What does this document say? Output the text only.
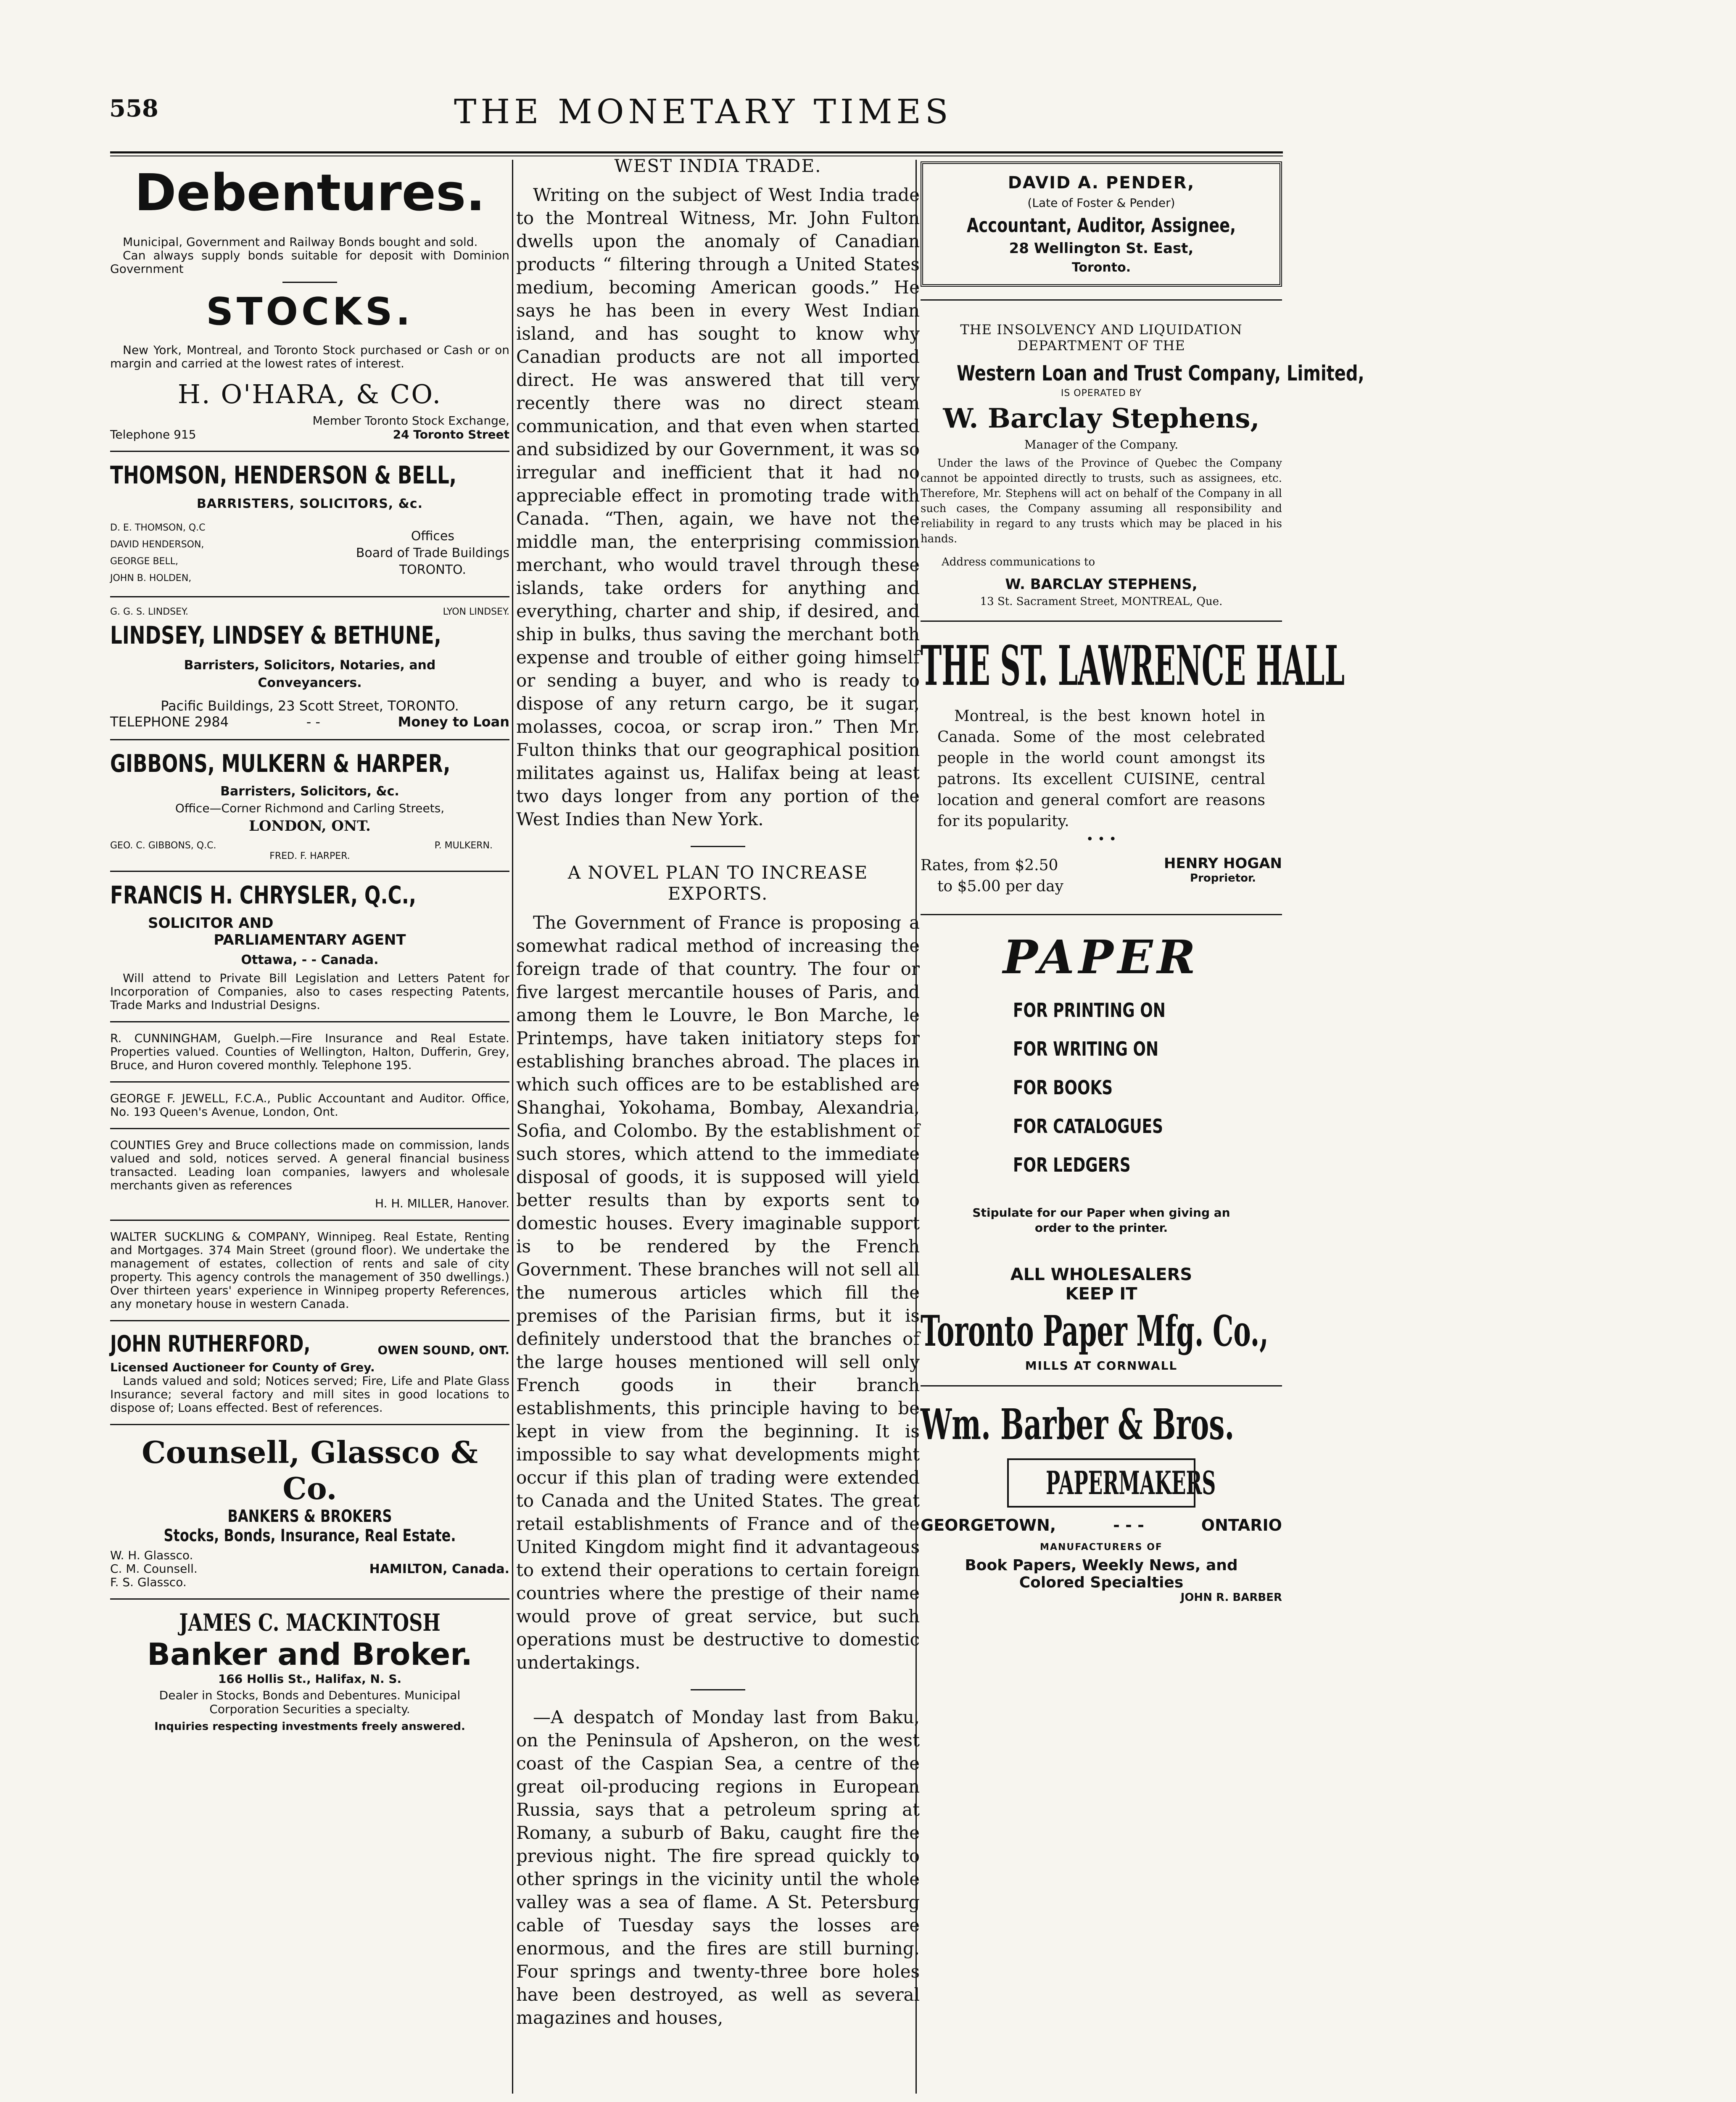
558	THE MONETARY TIMES
Debentures.
Municipal, Government and Railway Bonds bought and sold.
Can always supply bonds suitable for deposit with Dominion Government
STOCKS.
New York, Montreal, and Toronto Stock purchased or Cash or on margin and carried at the lowest rates of interest.
H. O'HARA, & CO.
Member Toronto Stock Exchange,
Telephone 915	24 Toronto Street
THOMSON, HENDERSON & BELL,
BARRISTERS, SOLICITORS, &c.
D. E. THOMSON, Q.C
DAVID HENDERSON,
GEORGE BELL,
JOHN B. HOLDEN,
Offices
Board of Trade Buildings
TORONTO.
G. G. S. LINDSEY.	LYON LINDSEY.
LINDSEY, LINDSEY & BETHUNE,
Barristers, Solicitors, Notaries, and Conveyancers.
Pacific Buildings, 23 Scott Street, TORONTO.
TELEPHONE 2984	- -	Money to Loan
GIBBONS, MULKERN & HARPER,
Barristers, Solicitors, &c.
Office—Corner Richmond and Carling Streets,
LONDON, ONT.
GEO. C. GIBBONS, Q.C.	P. MULKERN.
FRED. F. HARPER.
FRANCIS H. CHRYSLER, Q.C.,
SOLICITOR AND
PARLIAMENTARY AGENT
Ottawa, - - Canada.
Will attend to Private Bill Legislation and Letters Patent for Incorporation of Companies, also to cases respecting Patents, Trade Marks and Industrial Designs.
R. CUNNINGHAM, Guelph.—Fire Insurance and Real Estate. Properties valued. Counties of Wellington, Halton, Dufferin, Grey, Bruce, and Huron covered monthly. Telephone 195.
GEORGE F. JEWELL, F.C.A., Public Accountant and Auditor. Office, No. 193 Queen's Avenue, London, Ont.
COUNTIES Grey and Bruce collections made on commission, lands valued and sold, notices served. A general financial business transacted. Leading loan companies, lawyers and wholesale merchants given as references
H. H. MILLER, Hanover.
WALTER SUCKLING & COMPANY, Winnipeg. Real Estate, Renting and Mortgages. 374 Main Street (ground floor). We undertake the management of estates, collection of rents and sale of city property. This agency controls the management of 350 dwellings.) Over thirteen years' experience in Winnipeg property References, any monetary house in western Canada.
JOHN RUTHERFORD,	OWEN SOUND, ONT.
Licensed Auctioneer for County of Grey.
Lands valued and sold; Notices served; Fire, Life and Plate Glass Insurance; several factory and mill sites in good locations to dispose of; Loans effected. Best of references.
Counsell, Glassco & Co.
BANKERS & BROKERS
Stocks, Bonds, Insurance, Real Estate.
W. H. Glassco.
C. M. Counsell.
F. S. Glassco.
HAMILTON, Canada.
JAMES C. MACKINTOSH
Banker and Broker.
166 Hollis St., Halifax, N. S.
Dealer in Stocks, Bonds and Debentures. Municipal
Corporation Securities a specialty.
Inquiries respecting investments freely answered.
WEST INDIA TRADE.

Writing on the subject of West India trade to the Montreal Witness, Mr. John Fulton dwells upon the anomaly of Canadian products “ filtering through a United States medium, becoming American goods.” He says he has been in every West Indian island, and has sought to know why Canadian products are not all imported direct. He was answered that till very recently there was no direct steam communication, and that even when started and subsidized by our Government, it was so irregular and inefficient that it had no appreciable effect in promoting trade with Canada. “Then, again, we have not the middle man, the enterprising commission merchant, who would travel through these islands, take orders for anything and everything, charter and ship, if desired, and ship in bulks, thus saving the merchant both expense and trouble of either going himself or sending a buyer, and who is ready to dispose of any return cargo, be it sugar, molasses, cocoa, or scrap iron.” Then Mr. Fulton thinks that our geographical position militates against us, Halifax being at least two days longer from any portion of the West Indies than New York.

A NOVEL PLAN TO INCREASE EXPORTS.

The Government of France is proposing a somewhat radical method of increasing the foreign trade of that country. The four or five largest mercantile houses of Paris, and among them le Louvre, le Bon Marche, le Printemps, have taken initiatory steps for establishing branches abroad. The places in which such offices are to be established are Shanghai, Yokohama, Bombay, Alexandria, Sofia, and Colombo. By the establishment of such stores, which attend to the immediate disposal of goods, it is supposed will yield better results than by exports sent to domestic houses. Every imaginable support is to be rendered by the French Government. These branches will not sell all the numerous articles which fill the premises of the Parisian firms, but it is definitely understood that the branches of the large houses mentioned will sell only French goods in their branch establishments, this principle having to be kept in view from the beginning. It is impossible to say what developments might occur if this plan of trading were extended to Canada and the United States. The great retail establishments of France and of the United Kingdom might find it advantageous to extend their operations to certain foreign countries where the prestige of their name would prove of great service, but such operations must be destructive to domestic undertakings.

—A despatch of Monday last from Baku, on the Peninsula of Apsheron, on the west coast of the Caspian Sea, a centre of the great oil-producing regions in European Russia, says that a petroleum spring at Romany, a suburb of Baku, caught fire the previous night. The fire spread quickly to other springs in the vicinity until the whole valley was a sea of flame. A St. Petersburg cable of Tuesday says the losses are enormous, and the fires are still burning. Four springs and twenty-three bore holes have been destroyed, as well as several magazines and houses,

DAVID A. PENDER,
(Late of Foster & Pender)
Accountant, Auditor, Assignee,
28 Wellington St. East,
Toronto.
THE INSOLVENCY AND LIQUIDATION
DEPARTMENT OF THE
Western Loan and Trust Company, Limited,
IS OPERATED BY
W. Barclay Stephens,
Manager of the Company.
Under the laws of the Province of Quebec the Company cannot be appointed directly to trusts, such as assignees, etc. Therefore, Mr. Stephens will act on behalf of the Company in all such cases, the Company assuming all responsibility and reliability in regard to any trusts which may be placed in his hands.
Address communications to
W. BARCLAY STEPHENS,
13 St. Sacrament Street, MONTREAL, Que.
THE ST. LAWRENCE HALL
Montreal, is the best known hotel in Canada. Some of the most celebrated people in the world count amongst its patrons. Its excellent CUISINE, central location and general comfort are reasons for its popularity.
• • •
Rates, from $2.50
to $5.00 per day
HENRY HOGAN
Proprietor.
PAPER
FOR PRINTING ON
FOR WRITING ON
FOR BOOKS
FOR CATALOGUES
FOR LEDGERS
Stipulate for our Paper when giving an order to the printer.
ALL WHOLESALERS
KEEP IT
Toronto Paper Mfg. Co.,
MILLS AT CORNWALL
Wm. Barber & Bros.
PAPERMAKERS
GEORGETOWN,	- - -	ONTARIO
MANUFACTURERS OF
Book Papers, Weekly News, and
Colored Specialties
JOHN R. BARBER
